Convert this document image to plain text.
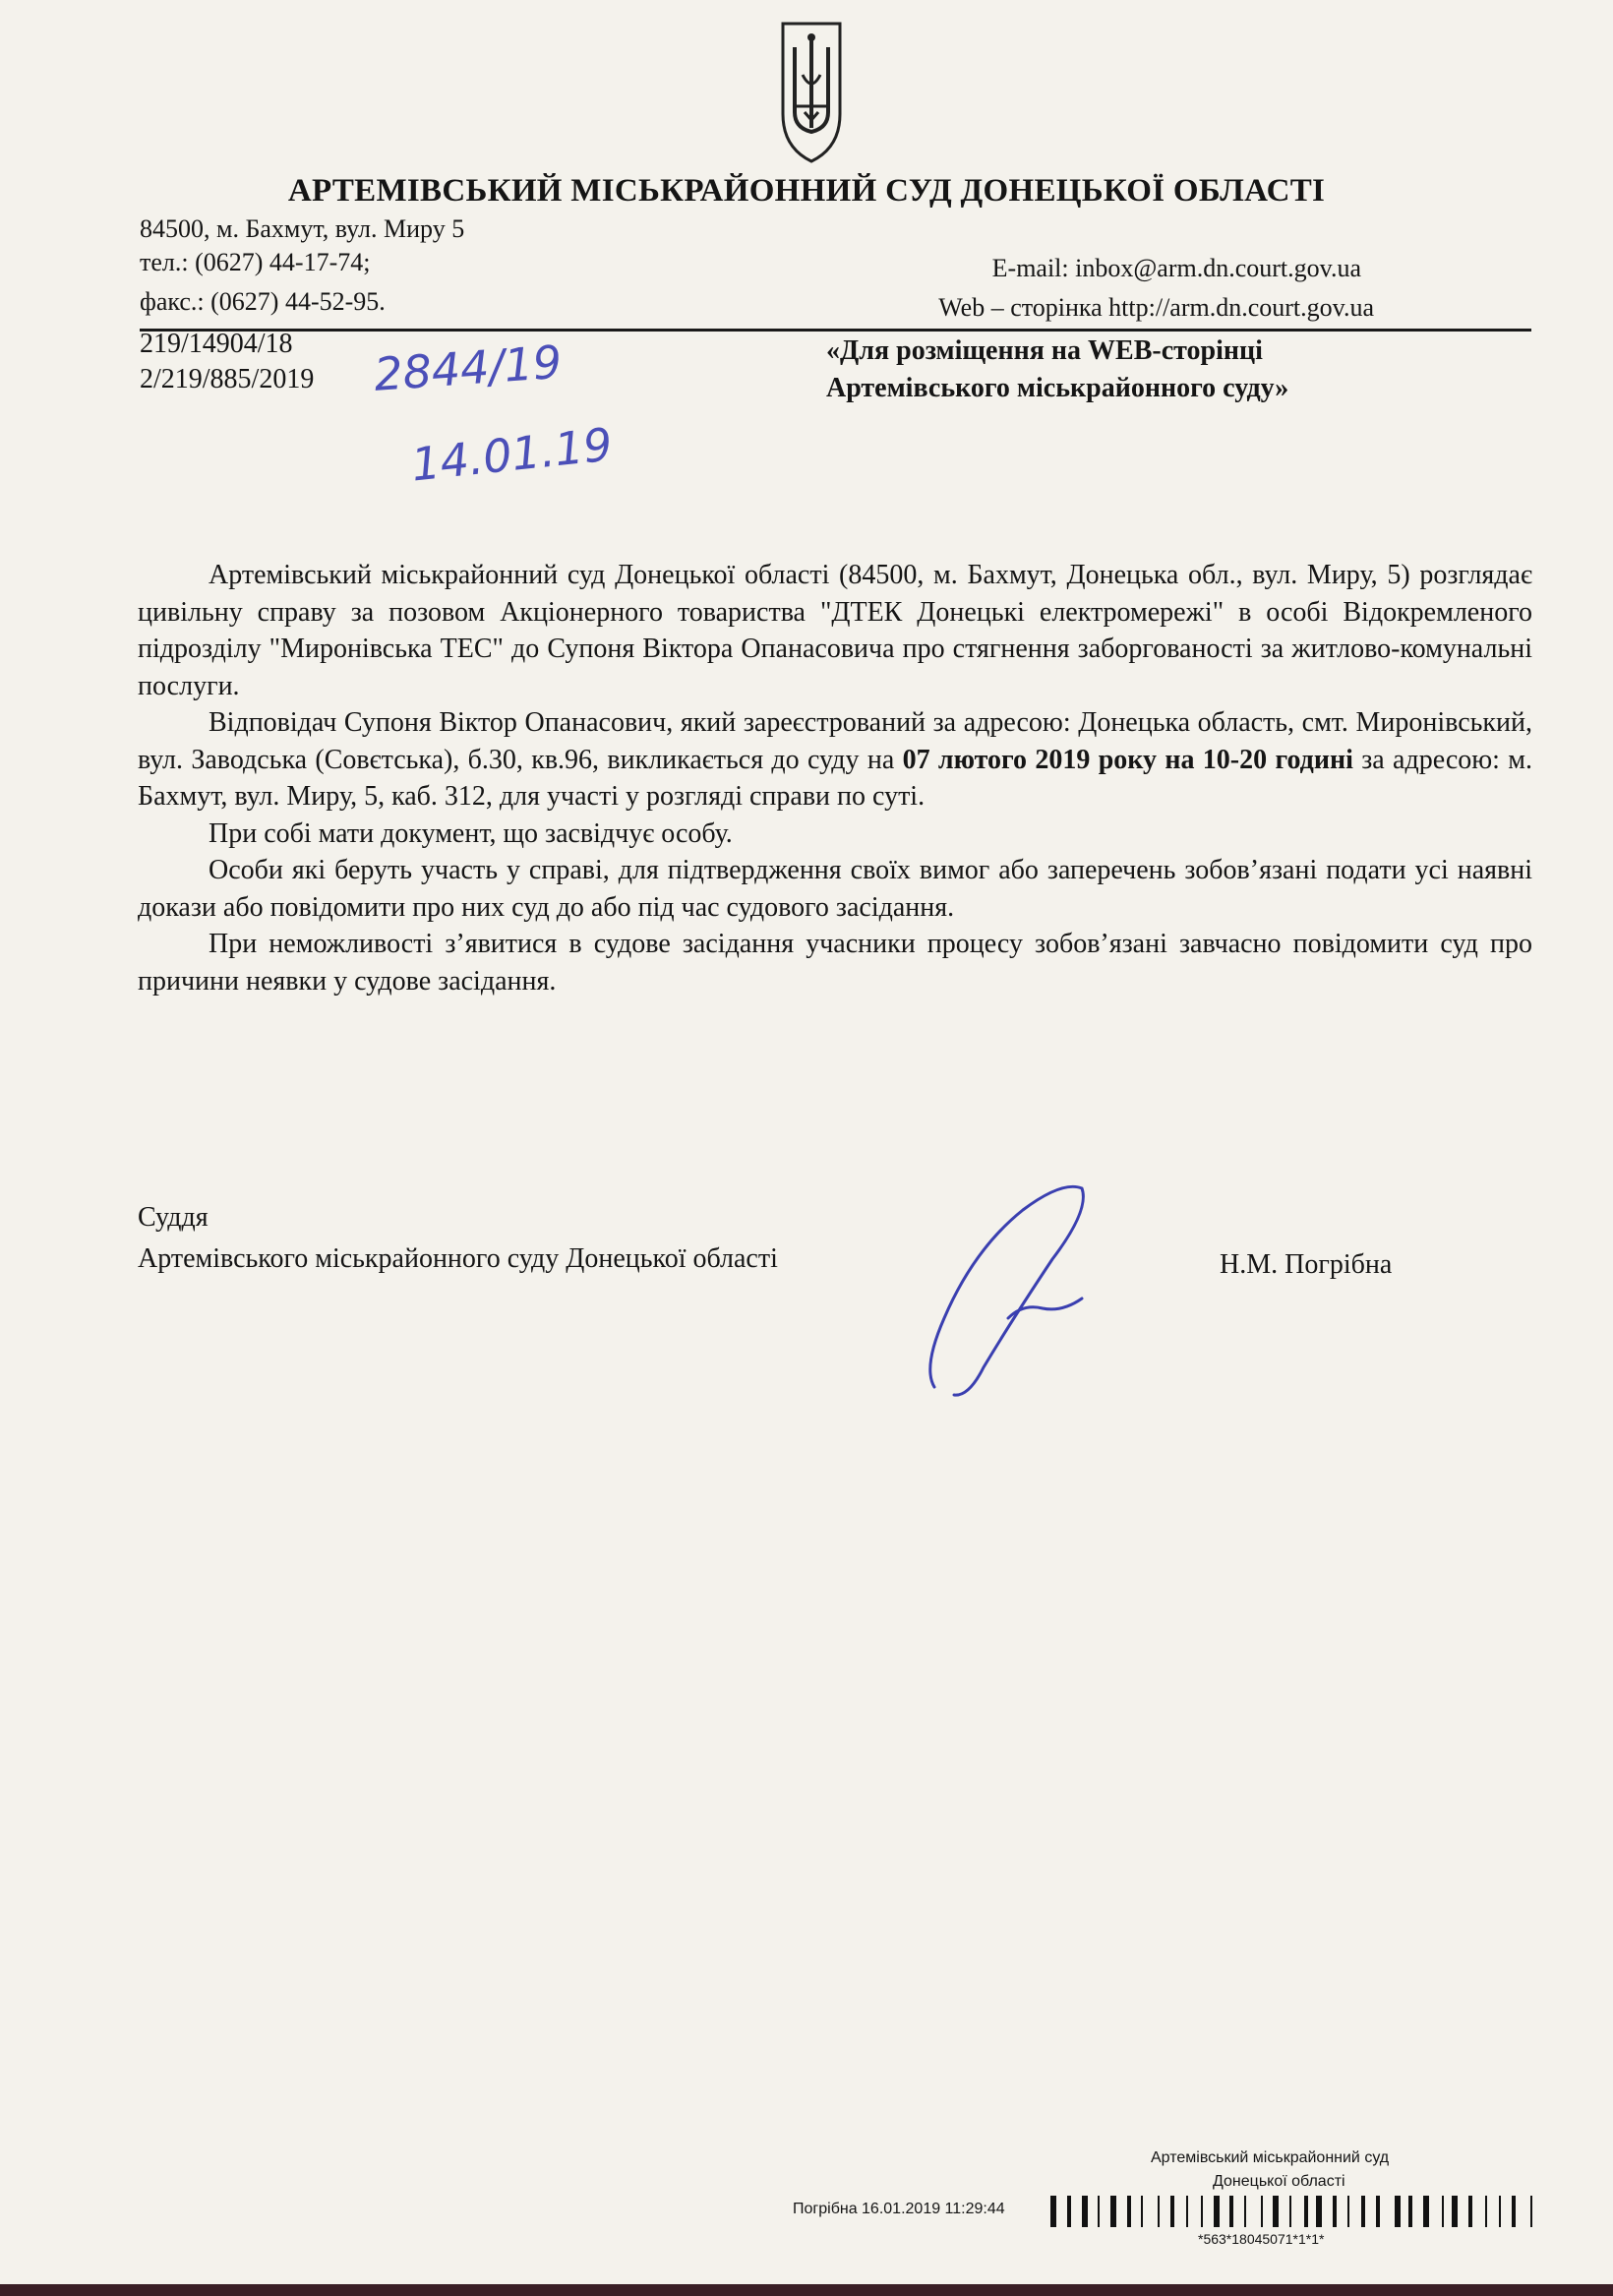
АРТЕМІВСЬКИЙ МІСЬКРАЙОННИЙ СУД ДОНЕЦЬКОЇ ОБЛАСТІ
84500, м. Бахмут, вул. Миру 5
тел.: (0627) 44-17-74;
факс.: (0627) 44-52-95.
E-mail: inbox@arm.dn.court.gov.ua
Web – сторінка http://arm.dn.court.gov.ua
219/14904/18
2/219/885/2019
«Для розміщення на WEB-сторінці
Артемівського міськрайонного суду»
2844/19
14.01.19

Артемівський міськрайонний суд Донецької області (84500, м. Бахмут, Донецька обл., вул. Миру, 5) розглядає цивільну справу за позовом Акціонерного товариства "ДТЕК Донецькі електромережі" в особі Відокремленого підрозділу "Миронівська ТЕС" до Супоня Віктора Опанасовича про стягнення заборгованості за житлово-комунальні послуги.

Відповідач Супоня Віктор Опанасович, який зареєстрований за адресою: Донецька область, смт. Миронівський, вул. Заводська (Совєтська), б.30, кв.96, викликається до суду на 07 лютого 2019 року на 10-20 годині за адресою: м. Бахмут, вул. Миру, 5, каб. 312, для участі у розгляді справи по суті.

При собі мати документ, що засвідчує особу.

Особи які беруть участь у справі, для підтвердження своїх вимог або заперечень зобов’язані подати усі наявні докази або повідомити про них суд до або під час судового засідання.

При неможливості з’явитися в судове засідання учасники процесу зобов’язані завчасно повідомити суд про причини неявки у судове засідання.

Суддя
Артемівського міськрайонного суду Донецької області	Н.М. Погрібна
Артемівський міськрайонний суд
Донецької області
Погрібна 16.01.2019 11:29:44
*563*18045071*1*1*
